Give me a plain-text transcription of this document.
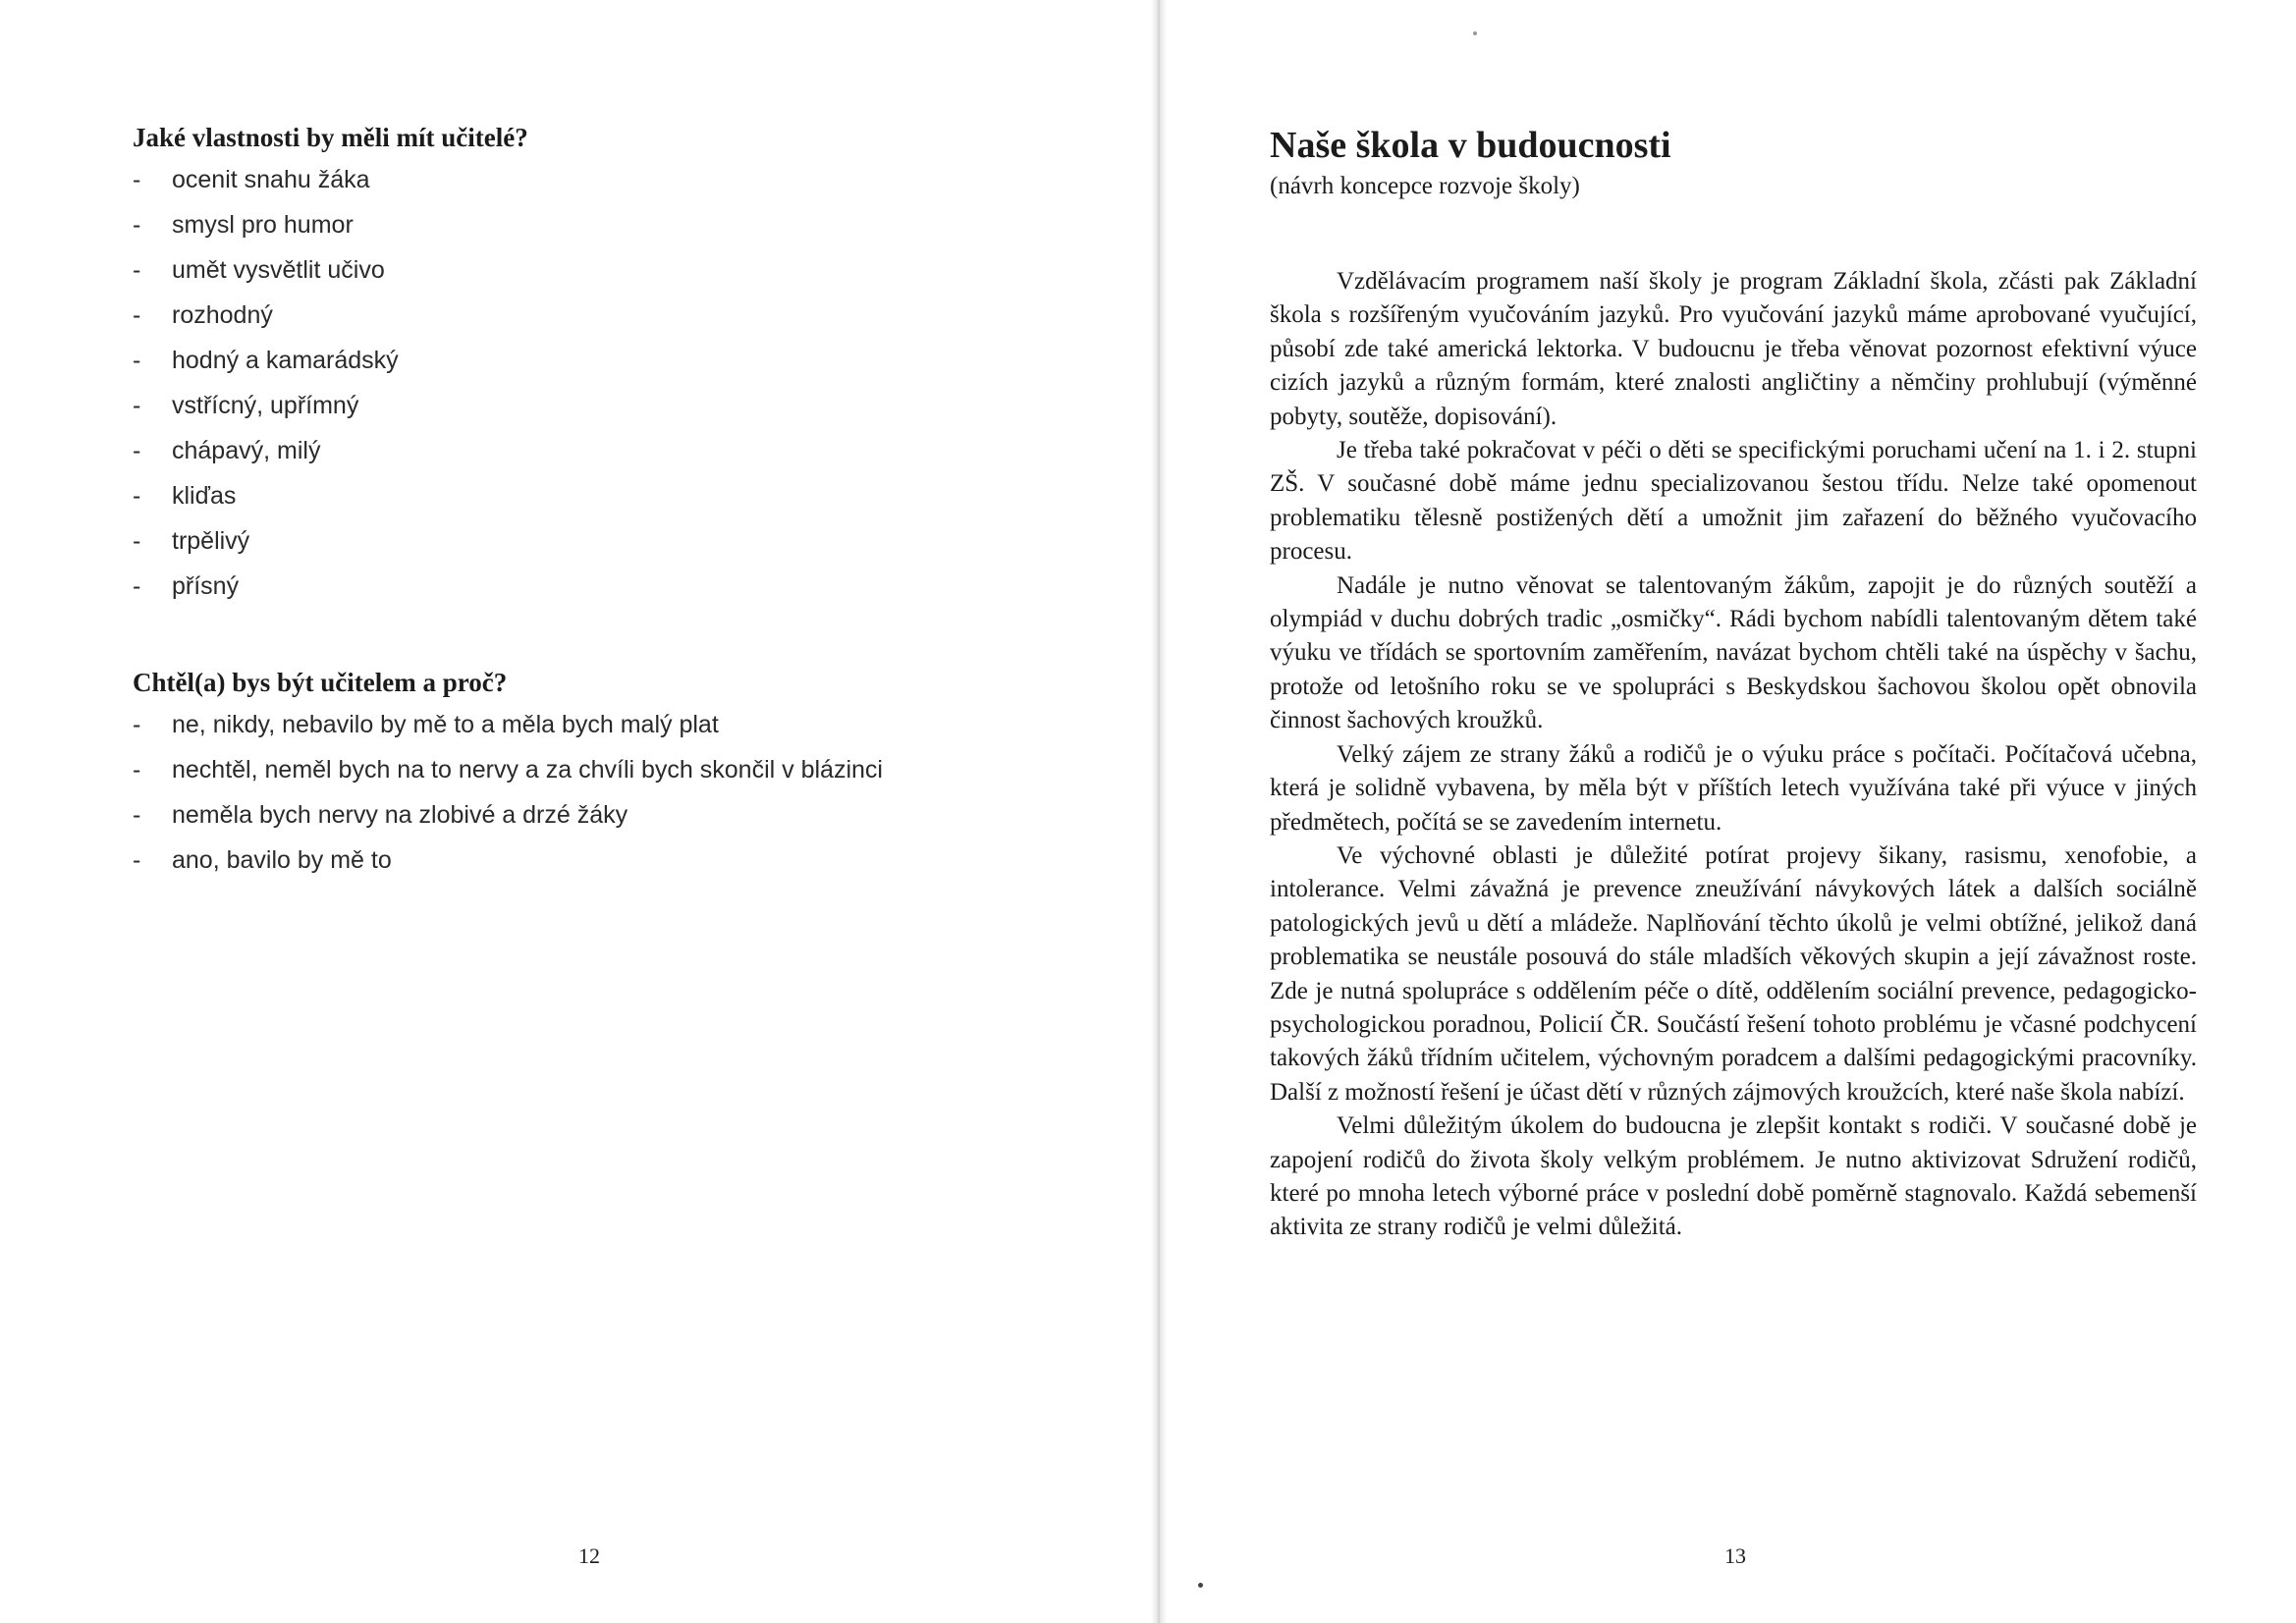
Jaké vlastnosti by měli mít učitelé?
- ocenit snahu žáka
- smysl pro humor
- umět vysvětlit učivo
- rozhodný
- hodný a kamarádský
- vstřícný, upřímný
- chápavý, milý
- kliďas
- trpělivý
- přísný
Chtěl(a) bys být učitelem a proč?
- ne, nikdy, nebavilo by mě to a měla bych malý plat
- nechtěl, neměl bych na to nervy a za chvíli bych skončil v blázinci
- neměla bych nervy na zlobivé a drzé žáky
- ano, bavilo by mě to
12
Naše škola v budoucnosti
(návrh koncepce rozvoje školy)

Vzdělávacím programem naší školy je program Základní škola, zčásti pak Základní škola s rozšířeným vyučováním jazyků. Pro vyučování jazyků máme aprobované vyučující, působí zde také americká lektorka. V budoucnu je třeba věnovat pozornost efektivní výuce cizích jazyků a různým formám, které znalosti angličtiny a němčiny prohlubují (výměnné pobyty, soutěže, dopisování).

Je třeba také pokračovat v péči o děti se specifickými poruchami učení na 1. i 2. stupni ZŠ. V současné době máme jednu specializovanou šestou třídu. Nelze také opomenout problematiku tělesně postižených dětí a umožnit jim zařazení do běžného vyučovacího procesu.

Nadále je nutno věnovat se talentovaným žákům, zapojit je do různých soutěží a olympiád v duchu dobrých tradic „osmičky“. Rádi bychom nabídli talentovaným dětem také výuku ve třídách se sportovním zaměřením, navázat bychom chtěli také na úspěchy v šachu, protože od letošního roku se ve spolupráci s Beskydskou šachovou školou opět obnovila činnost šachových kroužků.

Velký zájem ze strany žáků a rodičů je o výuku práce s počítači. Počítačová učebna, která je solidně vybavena, by měla být v příštích letech využívána také při výuce v jiných předmětech, počítá se se zavedením internetu.

Ve výchovné oblasti je důležité potírat projevy šikany, rasismu, xenofobie, a intolerance. Velmi závažná je prevence zneužívání návykových látek a dalších sociálně patologických jevů u dětí a mládeže. Naplňování těchto úkolů je velmi obtížné, jelikož daná problematika se neustále posouvá do stále mladších věkových skupin a její závažnost roste. Zde je nutná spolupráce s oddělením péče o dítě, oddělením sociální prevence, pedagogicko-psychologickou poradnou, Policií ČR. Součástí řešení tohoto problému je včasné podchycení takových žáků třídním učitelem, výchovným poradcem a dalšími pedagogickými pracovníky. Další z možností řešení je účast dětí v různých zájmových kroužcích, které naše škola nabízí.

Velmi důležitým úkolem do budoucna je zlepšit kontakt s rodiči. V současné době je zapojení rodičů do života školy velkým problémem. Je nutno aktivizovat Sdružení rodičů, které po mnoha letech výborné práce v poslední době poměrně stagnovalo. Každá sebemenší aktivita ze strany rodičů je velmi důležitá.

13
